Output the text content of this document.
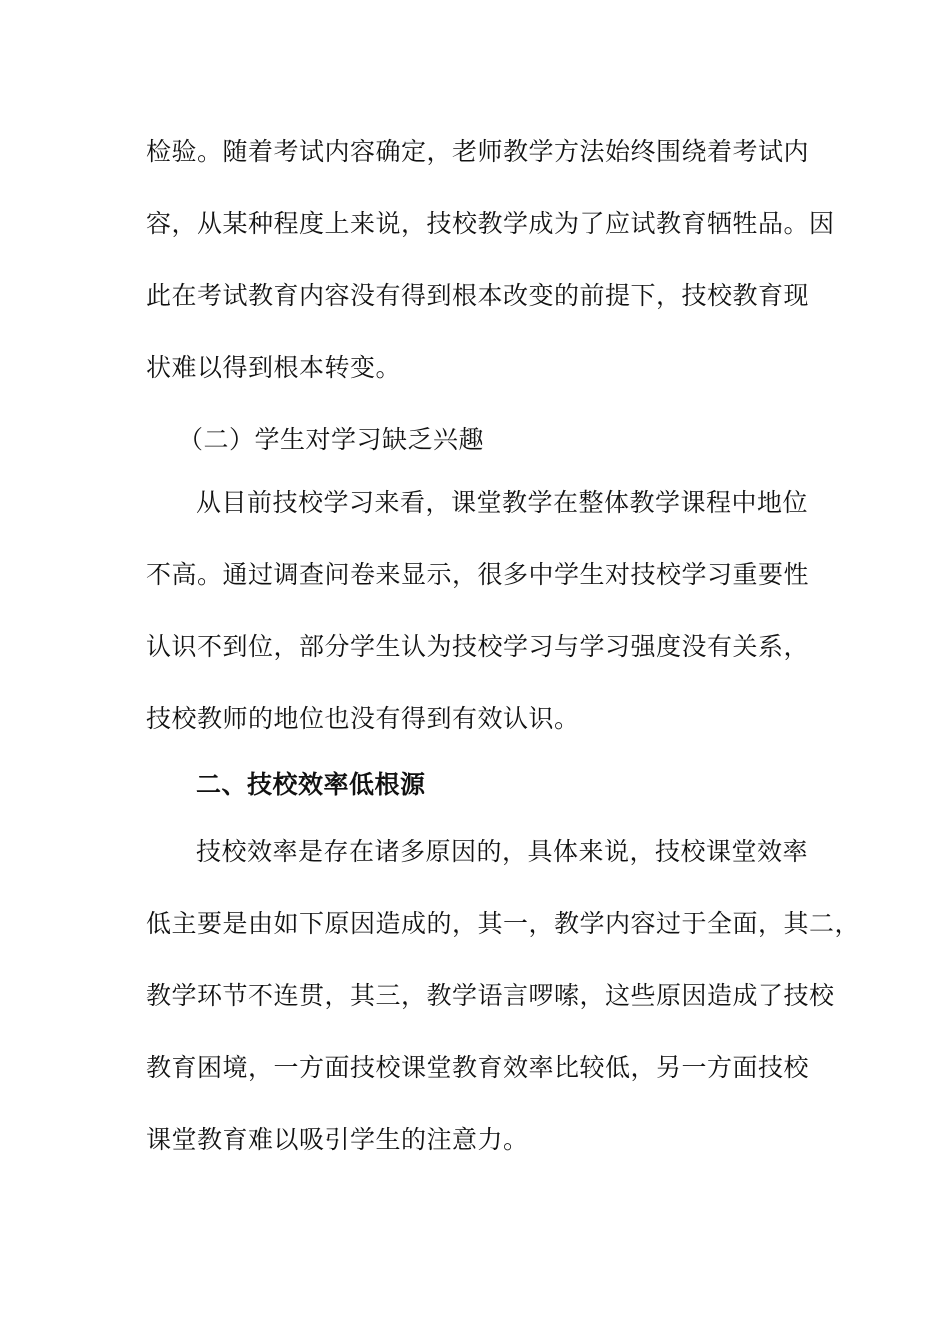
检验。随着考试内容确定，老师教学方法始终围绕着考试内
容，从某种程度上来说，技校教学成为了应试教育牺牲品。因
此在考试教育内容没有得到根本改变的前提下，技校教育现
状难以得到根本转变。
（二）学生对学习缺乏兴趣
从目前技校学习来看，课堂教学在整体教学课程中地位
不高。通过调查问卷来显示，很多中学生对技校学习重要性
认识不到位，部分学生认为技校学习与学习强度没有关系，
技校教师的地位也没有得到有效认识。
二、技校效率低根源
技校效率是存在诸多原因的，具体来说，技校课堂效率
低主要是由如下原因造成的，其一，教学内容过于全面，其二，
教学环节不连贯，其三，教学语言啰嗦，这些原因造成了技校
教育困境，一方面技校课堂教育效率比较低，另一方面技校
课堂教育难以吸引学生的注意力。
